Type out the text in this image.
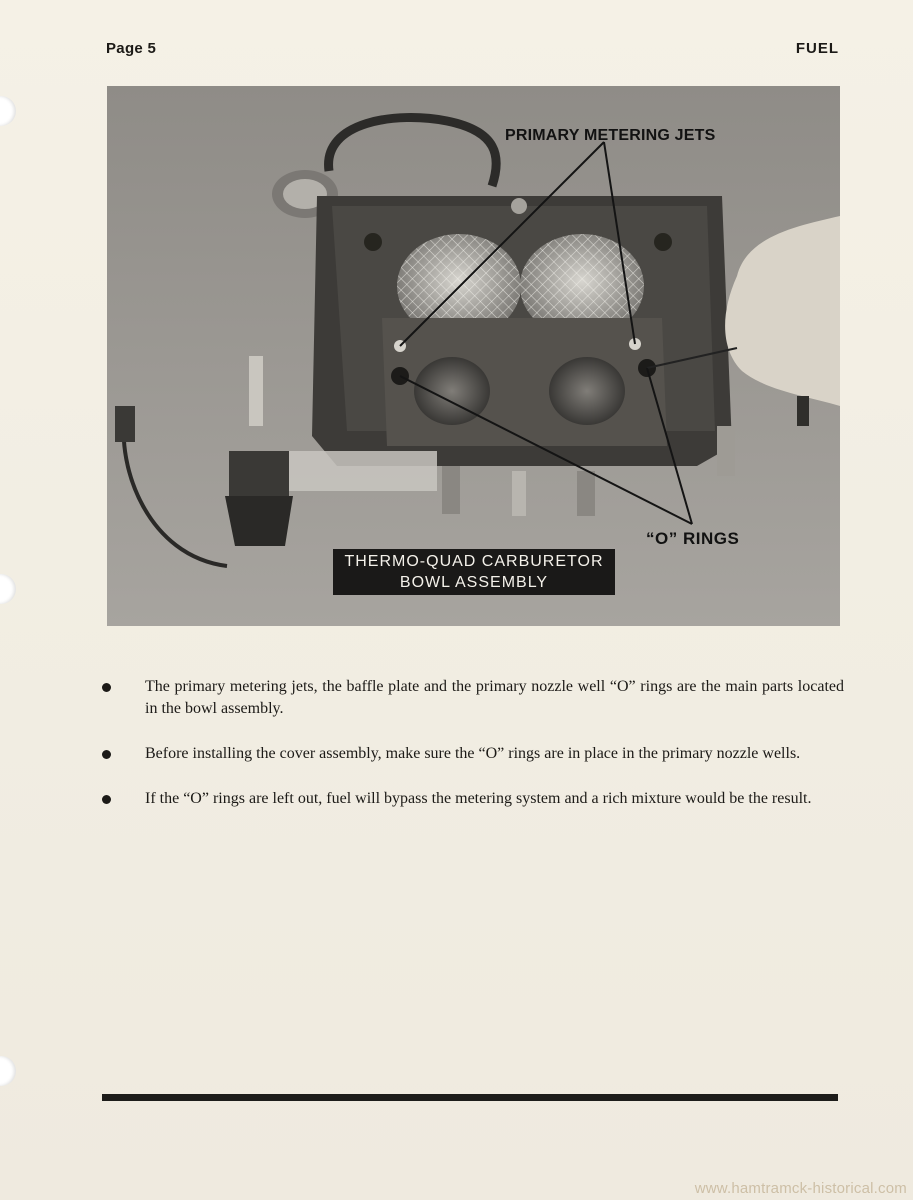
Page 5	FUEL
PRIMARY METERING JETS
“O” RINGS
THERMO-QUAD CARBURETOR
BOWL ASSEMBLY
The primary metering jets, the baffle plate and the primary nozzle well “O” rings are the main parts located in the bowl assembly.
Before installing the cover assembly, make sure the “O” rings are in place in the primary nozzle wells.
If the “O” rings are left out, fuel will bypass the metering system and a rich mixture would be the result.
www.hamtramck-historical.com
